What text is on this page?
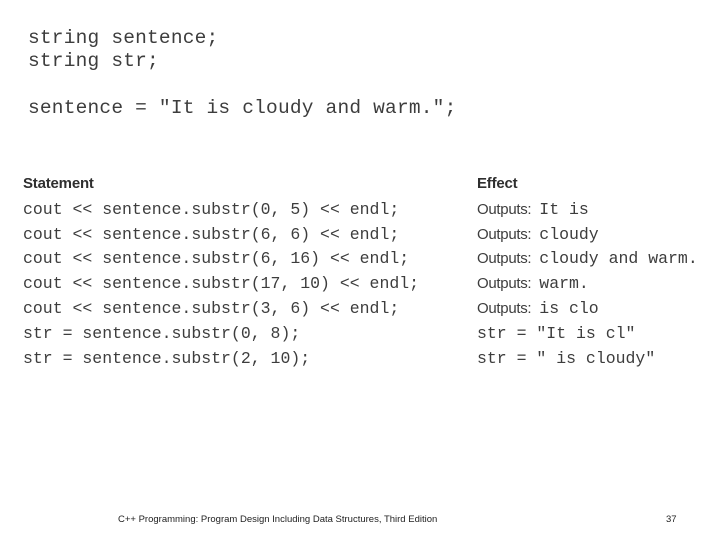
string sentence;
string str;
sentence = "It is cloudy and warm.";
Statement	Effect
cout << sentence.substr(0, 5) << endl;	Outputs: It is
cout << sentence.substr(6, 6) << endl;	Outputs: cloudy
cout << sentence.substr(6, 16) << endl;	Outputs: cloudy and warm.
cout << sentence.substr(17, 10) << endl;	Outputs: warm.
cout << sentence.substr(3, 6) << endl;	Outputs: is clo
str = sentence.substr(0, 8);	str = "It is cl"
str = sentence.substr(2, 10);	str = " is cloudy"
C++ Programming: Program Design Including Data Structures, Third Edition	37
